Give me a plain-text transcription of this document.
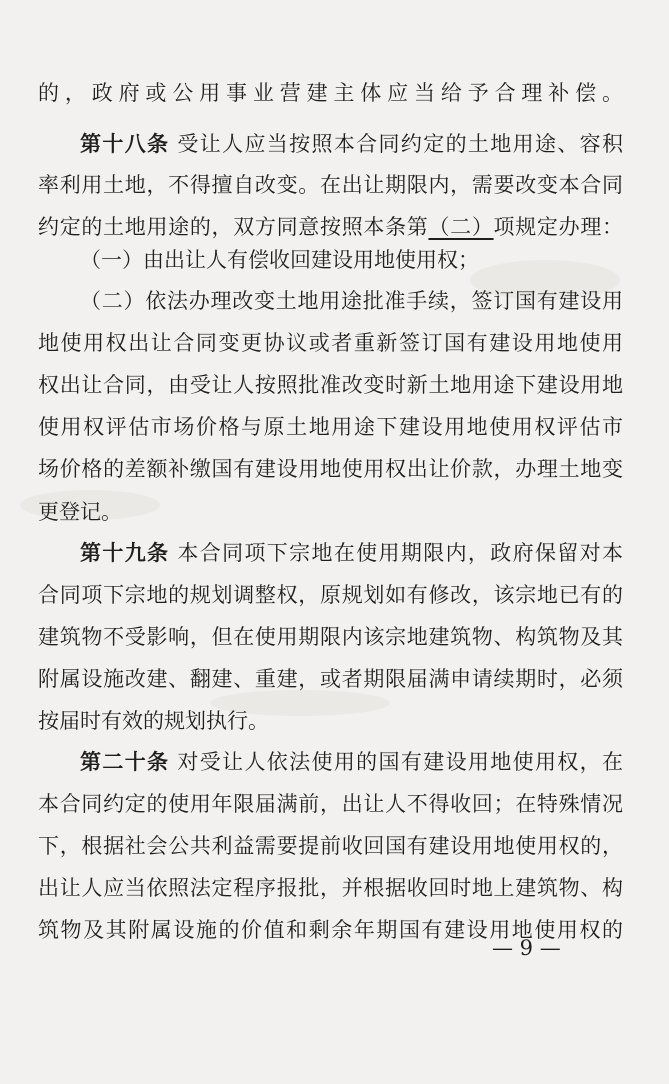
的，政府或公用事业营建主体应当给予合理补偿。
第十八条 受让人应当按照本合同约定的土地用途、容积
率利用土地，不得擅自改变。在出让期限内，需要改变本合同
约定的土地用途的，双方同意按照本条第（二）项规定办理：
（一）由出让人有偿收回建设用地使用权；
（二）依法办理改变土地用途批准手续，签订国有建设用
地使用权出让合同变更协议或者重新签订国有建设用地使用
权出让合同，由受让人按照批准改变时新土地用途下建设用地
使用权评估市场价格与原土地用途下建设用地使用权评估市
场价格的差额补缴国有建设用地使用权出让价款，办理土地变
更登记。
第十九条 本合同项下宗地在使用期限内，政府保留对本
合同项下宗地的规划调整权，原规划如有修改，该宗地已有的
建筑物不受影响，但在使用期限内该宗地建筑物、构筑物及其
附属设施改建、翻建、重建，或者期限届满申请续期时，必须
按届时有效的规划执行。
第二十条 对受让人依法使用的国有建设用地使用权，在
本合同约定的使用年限届满前，出让人不得收回；在特殊情况
下，根据社会公共利益需要提前收回国有建设用地使用权的，
出让人应当依照法定程序报批，并根据收回时地上建筑物、构
筑物及其附属设施的价值和剩余年期国有建设用地使用权的
— 9 —
